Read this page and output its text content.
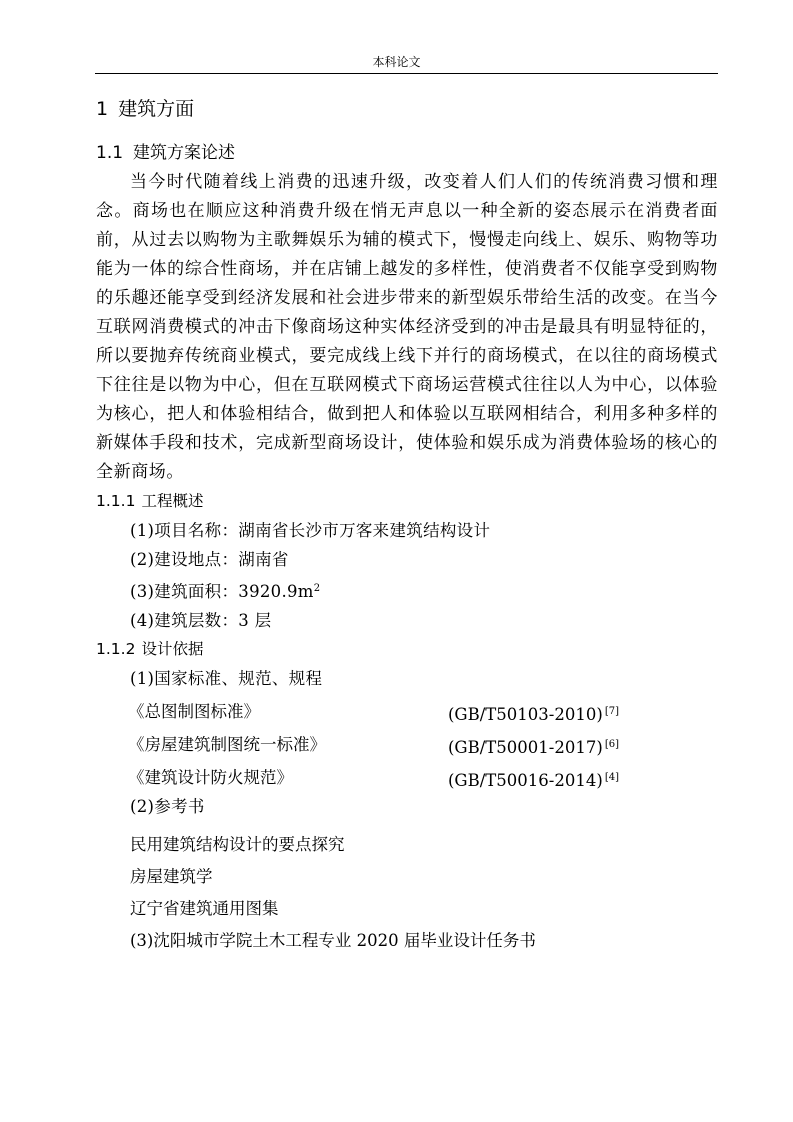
本科论文
1 建筑方面
1.1 建筑方案论述

当今时代随着线上消费的迅速升级，改变着人们人们的传统消费习惯和理念。商场也在顺应这种消费升级在悄无声息以一种全新的姿态展示在消费者面前，从过去以购物为主歌舞娱乐为辅的模式下，慢慢走向线上、娱乐、购物等功能为一体的综合性商场，并在店铺上越发的多样性，使消费者不仅能享受到购物的乐趣还能享受到经济发展和社会进步带来的新型娱乐带给生活的改变。在当今互联网消费模式的冲击下像商场这种实体经济受到的冲击是最具有明显特征的，所以要抛弃传统商业模式，要完成线上线下并行的商场模式，在以往的商场模式下往往是以物为中心，但在互联网模式下商场运营模式往往以人为中心，以体验为核心，把人和体验相结合，做到把人和体验以互联网相结合，利用多种多样的新媒体手段和技术，完成新型商场设计，使体验和娱乐成为消费体验场的核心的全新商场。

1.1.1 工程概述

(1)项目名称：湖南省长沙市万客来建筑结构设计

(2)建设地点：湖南省

(3)建筑面积：$3920.9m^2$

(4)建筑层数：3 层

1.1.2 设计依据

(1)国家标准、规范、规程

《总图制图标准》	(GB/T50103-2010) [7]
《房屋建筑制图统一标准》	(GB/T50001-2017) [6]
《建筑设计防火规范》	(GB/T50016-2014) [4]

(2)参考书

民用建筑结构设计的要点探究
房屋建筑学
辽宁省建筑通用图集
(3)沈阳城市学院土木工程专业 2020 届毕业设计任务书
